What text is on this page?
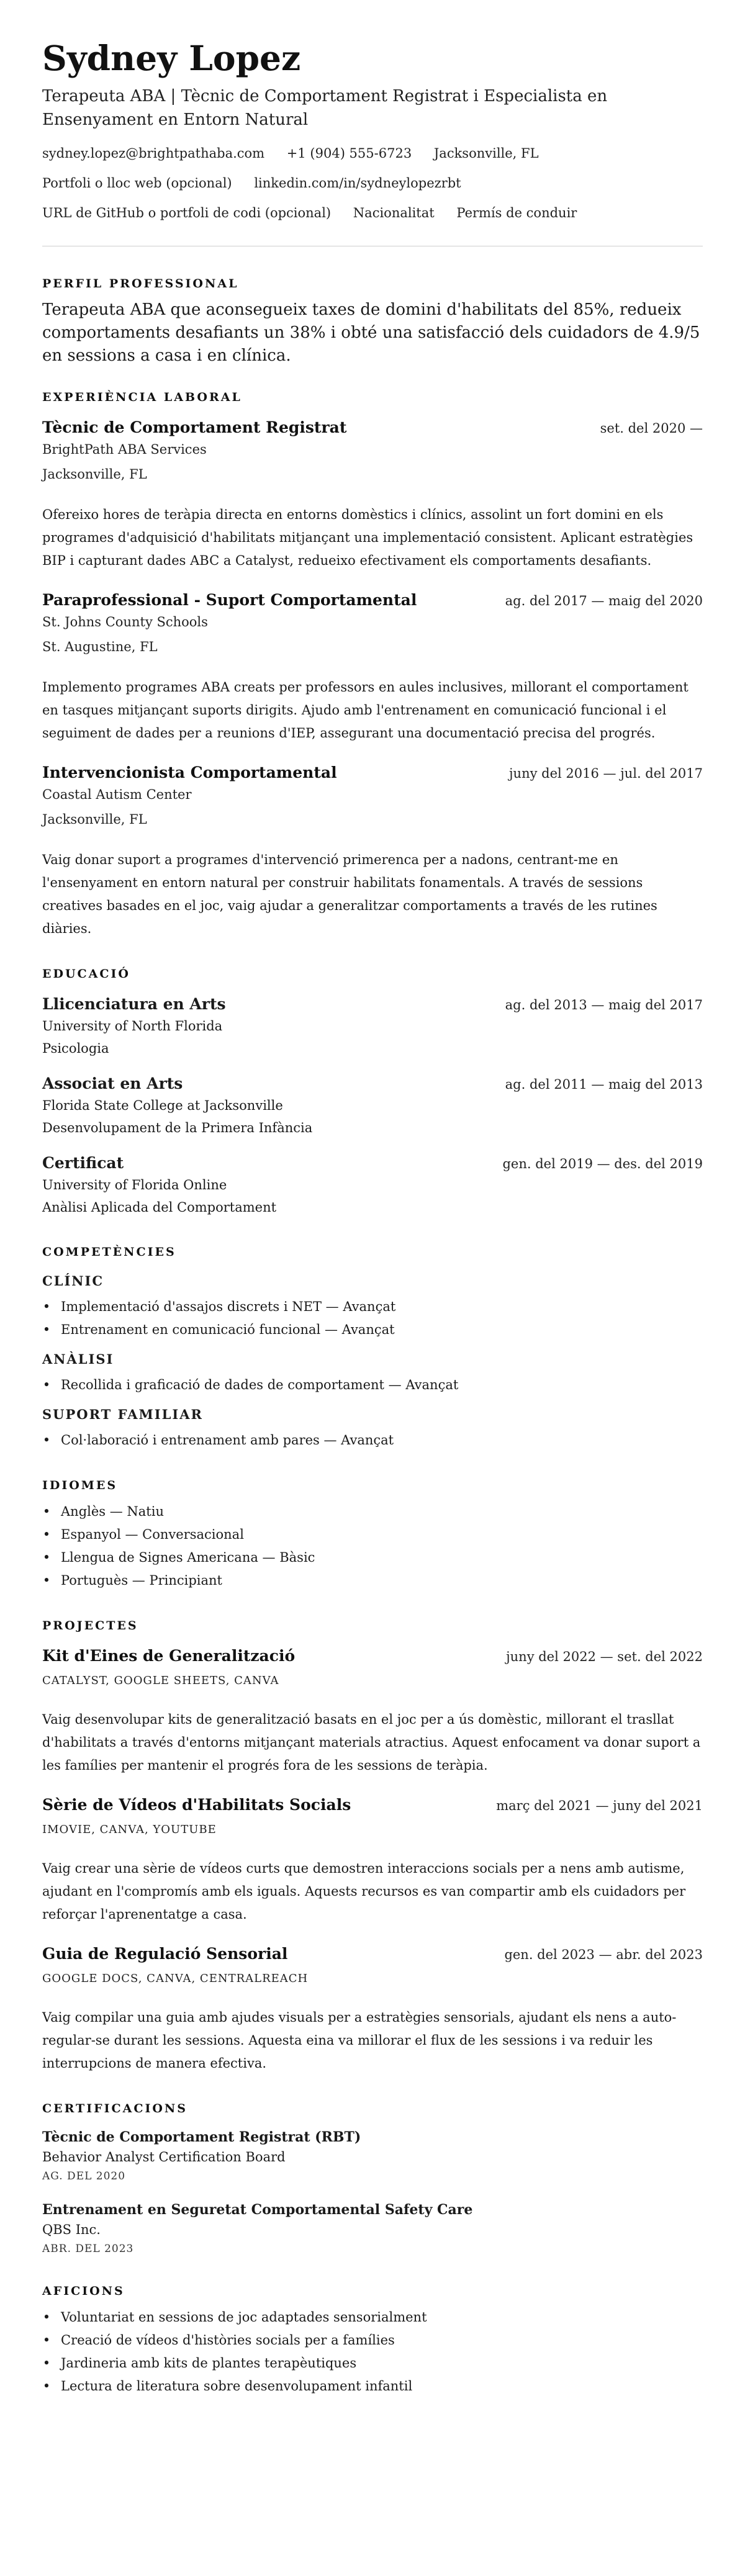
Sydney Lopez
Terapeuta ABA | Tècnic de Comportament Registrat i Especialista en Ensenyament en Entorn Natural
sydney.lopez@brightpathaba.com +1 (904) 555-6723 Jacksonville, FL
Portfoli o lloc web (opcional) linkedin.com/in/sydneylopezrbt
URL de GitHub o portfoli de codi (opcional) Nacionalitat Permís de conduir
PERFIL PROFESSIONAL
Terapeuta ABA que aconsegueix taxes de domini d'habilitats del 85%, redueix comportaments desafiants un 38% i obté una satisfacció dels cuidadors de 4.9/5 en sessions a casa i en clínica.
EXPERIÈNCIA LABORAL
Tècnic de Comportament Registrat	set. del 2020 —
BrightPath ABA Services
Jacksonville, FL
Ofereixo hores de teràpia directa en entorns domèstics i clínics, assolint un fort domini en els programes d'adquisició d'habilitats mitjançant una implementació consistent. Aplicant estratègies BIP i capturant dades ABC a Catalyst, redueixo efectivament els comportaments desafiants.
Paraprofessional - Suport Comportamental	ag. del 2017 — maig del 2020
St. Johns County Schools
St. Augustine, FL
Implemento programes ABA creats per professors en aules inclusives, millorant el comportament en tasques mitjançant suports dirigits. Ajudo amb l'entrenament en comunicació funcional i el seguiment de dades per a reunions d'IEP, assegurant una documentació precisa del progrés.
Intervencionista Comportamental	juny del 2016 — jul. del 2017
Coastal Autism Center
Jacksonville, FL
Vaig donar suport a programes d'intervenció primerenca per a nadons, centrant-me en l'ensenyament en entorn natural per construir habilitats fonamentals. A través de sessions creatives basades en el joc, vaig ajudar a generalitzar comportaments a través de les rutines diàries.
EDUCACIÓ
Llicenciatura en Arts	ag. del 2013 — maig del 2017
University of North Florida
Psicologia
Associat en Arts	ag. del 2011 — maig del 2013
Florida State College at Jacksonville
Desenvolupament de la Primera Infància
Certificat	gen. del 2019 — des. del 2019
University of Florida Online
Anàlisi Aplicada del Comportament
COMPETÈNCIES
CLÍNIC
• Implementació d'assajos discrets i NET — Avançat
• Entrenament en comunicació funcional — Avançat
ANÀLISI
• Recollida i graficació de dades de comportament — Avançat
SUPORT FAMILIAR
• Col·laboració i entrenament amb pares — Avançat
IDIOMES
• Anglès — Natiu
• Espanyol — Conversacional
• Llengua de Signes Americana — Bàsic
• Portuguès — Principiant
PROJECTES
Kit d'Eines de Generalització	juny del 2022 — set. del 2022
CATALYST, GOOGLE SHEETS, CANVA
Vaig desenvolupar kits de generalització basats en el joc per a ús domèstic, millorant el trasllat d'habilitats a través d'entorns mitjançant materials atractius. Aquest enfocament va donar suport a les famílies per mantenir el progrés fora de les sessions de teràpia.
Sèrie de Vídeos d'Habilitats Socials	març del 2021 — juny del 2021
IMOVIE, CANVA, YOUTUBE
Vaig crear una sèrie de vídeos curts que demostren interaccions socials per a nens amb autisme, ajudant en l'compromís amb els iguals. Aquests recursos es van compartir amb els cuidadors per reforçar l'aprenentatge a casa.
Guia de Regulació Sensorial	gen. del 2023 — abr. del 2023
GOOGLE DOCS, CANVA, CENTRALREACH
Vaig compilar una guia amb ajudes visuals per a estratègies sensorials, ajudant els nens a auto-regular-se durant les sessions. Aquesta eina va millorar el flux de les sessions i va reduir les interrupcions de manera efectiva.
CERTIFICACIONS
Tècnic de Comportament Registrat (RBT)
Behavior Analyst Certification Board
AG. DEL 2020
Entrenament en Seguretat Comportamental Safety Care
QBS Inc.
ABR. DEL 2023
AFICIONS
• Voluntariat en sessions de joc adaptades sensorialment
• Creació de vídeos d'històries socials per a famílies
• Jardineria amb kits de plantes terapèutiques
• Lectura de literatura sobre desenvolupament infantil
